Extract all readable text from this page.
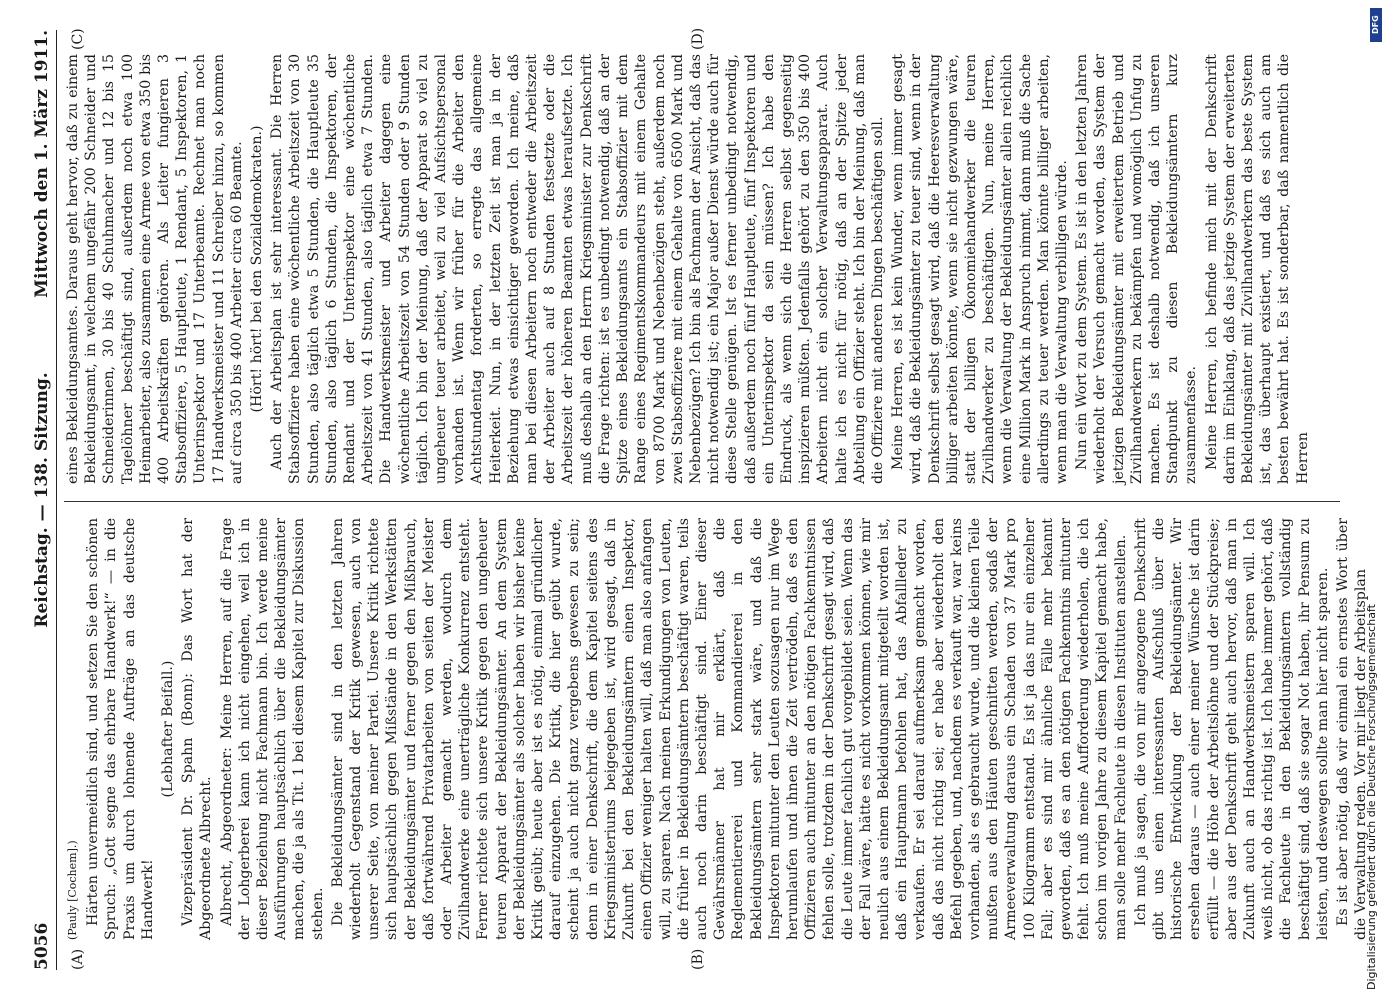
5056
Reichstag. — 138. Sitzung.
Mittwoch den 1. März 1911.
(A)	(B)
(C)	(D)

(Pauly [Cochem].) Härten unvermeidlich sind, und setzen Sie den schönen Spruch: „Gott segne das ehrbare Handwerk!“ — in die Praxis um durch lohnende Aufträge an das deutsche Handwerk!

(Lebhafter Beifall.) Vizepräsident Dr. Spahn (Bonn): Das Wort hat der Abgeordnete Albrecht. Albrecht, Abgeordneter: Meine Herren, auf die Frage der Lohgerberei kann ich nicht eingehen, weil ich in dieser Beziehung nicht Fachmann bin. Ich werde meine Ausführungen hauptsächlich über die Bekleidungsämter machen, die ja als Tit. 1 bei diesem Kapitel zur Diskussion stehen. Die Bekleidungsämter sind in den letzten Jahren wiederholt Gegenstand der Kritik gewesen, auch von unserer Seite, von meiner Partei. Unsere Kritik richtete sich hauptsächlich gegen Mißstände in den Werkstätten der Bekleidungsämter und ferner gegen den Mißbrauch, daß fortwährend Privatarbeiten von seiten der Meister oder Arbeiter gemacht werden, wodurch dem Zivilhandwerke eine unerträgliche Konkurrenz entsteht. Ferner richtete sich unsere Kritik gegen den ungeheuer teuren Apparat der Bekleidungsämter. An dem System der Bekleidungsämter als solcher haben wir bisher keine Kritik geübt; heute aber ist es nötig, einmal gründlicher darauf einzugehen. Die Kritik, die hier geübt wurde, scheint ja auch nicht ganz vergebens gewesen zu sein; denn in einer Denkschrift, die dem Kapitel seitens des Kriegsministeriums beigegeben ist, wird gesagt, daß in Zukunft bei den Bekleidungsämtern einen Inspektor, einen Offizier weniger halten will, daß man also anfangen will, zu sparen. Nach meinen Erkundigungen von Leuten, die früher in Bekleidungsämtern beschäftigt waren, teils auch noch darin beschäftigt sind. Einer dieser Gewährsmänner hat mir erklärt, daß die Reglementiererei und Kommandiererei in den Bekleidungsämtern sehr stark wäre, und daß die Inspektoren mitunter den Leuten sozusagen nur im Wege herumlaufen und ihnen die Zeit vertrödeln, daß es den Offizieren auch mitunter an den nötigen Fachkenntnissen fehlen solle, trotzdem in der Denkschrift gesagt wird, daß die Leute immer fachlich gut vorgebildet seien. Wenn das der Fall wäre, hätte es nicht vorkommen können, wie mir neulich aus einem Bekleidungsamt mitgeteilt worden ist, daß ein Hauptmann befohlen hat, das Abfallleder zu verkaufen. Er sei darauf aufmerksam gemacht worden, daß das nicht richtig sei; er habe aber wiederholt den Befehl gegeben, und, nachdem es verkauft war, war keins vorhanden, als es gebraucht wurde, und die kleinen Teile mußten aus den Häuten geschnitten werden, sodaß der Armeeverwaltung daraus ein Schaden von 37 Mark pro 100 Kilogramm entstand. Es ist ja das nur ein einzelner Fall; aber es sind mir ähnliche Fälle mehr bekannt geworden, daß es an den nötigen Fachkenntnis mitunter fehlt. Ich muß meine Aufforderung wiederholen, die ich schon im vorigen Jahre zu diesem Kapitel gemacht habe, man solle mehr Fachleute in diesen Instituten anstellen. Ich muß ja sagen, die von mir angezogene Denkschrift gibt uns einen interessanten Aufschluß über die historische Entwicklung der Bekleidungsämter. Wir ersehen daraus — auch einer meiner Wünsche ist darin erfüllt — die Höhe der Arbeitslöhne und der Stückpreise; aber aus der Denkschrift geht auch hervor, daß man in Zukunft auch an Handwerksmeistern sparen will. Ich weiß nicht, ob das richtig ist. Ich habe immer gehört, daß die Fachleute in den Bekleidungsämtern vollständig beschäftigt sind, daß sie sogar Not haben, ihr Pensum zu leisten, und deswegen sollte man hier nicht sparen. Es ist aber nötig, daß wir einmal ein ernstes Wort über die Verwaltung reden. Vor mir liegt der Arbeitsplan

eines Bekleidungsamtes. Daraus geht hervor, daß zu einem Bekleidungsamt, in welchem ungefähr 200 Schneider und Schneiderinnen, 30 bis 40 Schuhmacher und 12 bis 15 Tagelöhner beschäftigt sind, außerdem noch etwa 100 Heimarbeiter, also zusammen eine Armee von etwa 350 bis 400 Arbeitskräften gehören. Als Leiter fungieren 3 Stabsoffiziere, 5 Hauptleute, 1 Rendant, 5 Inspektoren, 1 Unterinspektor und 17 Unterbeamte. Rechnet man noch 17 Handwerksmeister und 11 Schreiber hinzu, so kommen auf circa 350 bis 400 Arbeiter circa 60 Beamte. (Hört! hört! bei den Sozialdemokraten.) Auch der Arbeitsplan ist sehr interessant. Die Herren Stabsoffiziere haben eine wöchentliche Arbeitszeit von 30 Stunden, also täglich etwa 5 Stunden, die Hauptleute 35 Stunden, also täglich 6 Stunden, die Inspektoren, der Rendant und der Unterinspektor eine wöchentliche Arbeitszeit von 41 Stunden, also täglich etwa 7 Stunden. Die Handwerksmeister und Arbeiter dagegen eine wöchentliche Arbeitszeit von 54 Stunden oder 9 Stunden täglich. Ich bin der Meinung, daß der Apparat so viel zu ungeheuer teuer arbeitet, weil zu viel Aufsichtspersonal vorhanden ist. Wenn wir früher für die Arbeiter den Achtstundentag forderten, so erregte das allgemeine Heiterkeit. Nun, in der letzten Zeit ist man ja in der Beziehung etwas einsichtiger geworden. Ich meine, daß man bei diesen Arbeitern noch entweder die Arbeitszeit der Arbeiter auch auf 8 Stunden festsetzte oder die Arbeitszeit der höheren Beamten etwas heraufsetzte. Ich muß deshalb an den Herrn Kriegsminister zur Denkschrift die Frage richten: ist es unbedingt notwendig, daß an der Spitze eines Bekleidungsamts ein Stabsoffizier mit dem Range eines Regimentskommandeurs mit einem Gehalte von 8700 Mark und Nebenbezügen steht, außerdem noch zwei Stabsoffiziere mit einem Gehalte von 6500 Mark und Nebenbezügen? Ich bin als Fachmann der Ansicht, daß das nicht notwendig ist; ein Major außer Dienst würde auch für diese Stelle genügen. Ist es ferner unbedingt notwendig, daß außerdem noch fünf Hauptleute, fünf Inspektoren und ein Unterinspektor da sein müssen? Ich habe den Eindruck, als wenn sich die Herren selbst gegenseitig inspizieren müßten. Jedenfalls gehört zu den 350 bis 400 Arbeitern nicht ein solcher Verwaltungsapparat. Auch halte ich es nicht für nötig, daß an der Spitze jeder Abteilung ein Offizier steht. Ich bin der Meinung, daß man die Offiziere mit anderen Dingen beschäftigen soll. Meine Herren, es ist kein Wunder, wenn immer gesagt wird, daß die Bekleidungsämter zu teuer sind, wenn in der Denkschrift selbst gesagt wird, daß die Heeresverwaltung billiger arbeiten könnte, wenn sie nicht gezwungen wäre, statt der billigen Ökonomiehandwerker die teuren Zivilhandwerker zu beschäftigen. Nun, meine Herren, wenn die Verwaltung der Bekleidungsämter allein reichlich eine Million Mark in Anspruch nimmt, dann muß die Sache allerdings zu teuer werden. Man könnte billiger arbeiten, wenn man die Verwaltung verbilligen würde. Nun ein Wort zu dem System. Es ist in den letzten Jahren wiederholt der Versuch gemacht worden, das System der jetzigen Bekleidungsämter mit erweitertem Betrieb und Zivilhandwerkern zu bekämpfen und womöglich Unfug zu machen. Es ist deshalb notwendig, daß ich unseren Standpunkt zu diesen Bekleidungsämtern kurz zusammenfasse. Meine Herren, ich befinde mich mit der Denkschrift darin im Einklang, daß das jetzige System der erweiterten Bekleidungsämter mit Zivilhandwerkern das beste System ist, das überhaupt existiert, und daß es sich auch am besten bewährt hat. Es ist sonderbar, daß namentlich die Herren

Digitalisierung gefördert durch die Deutsche Forschungsgemeinschaft
DFG
